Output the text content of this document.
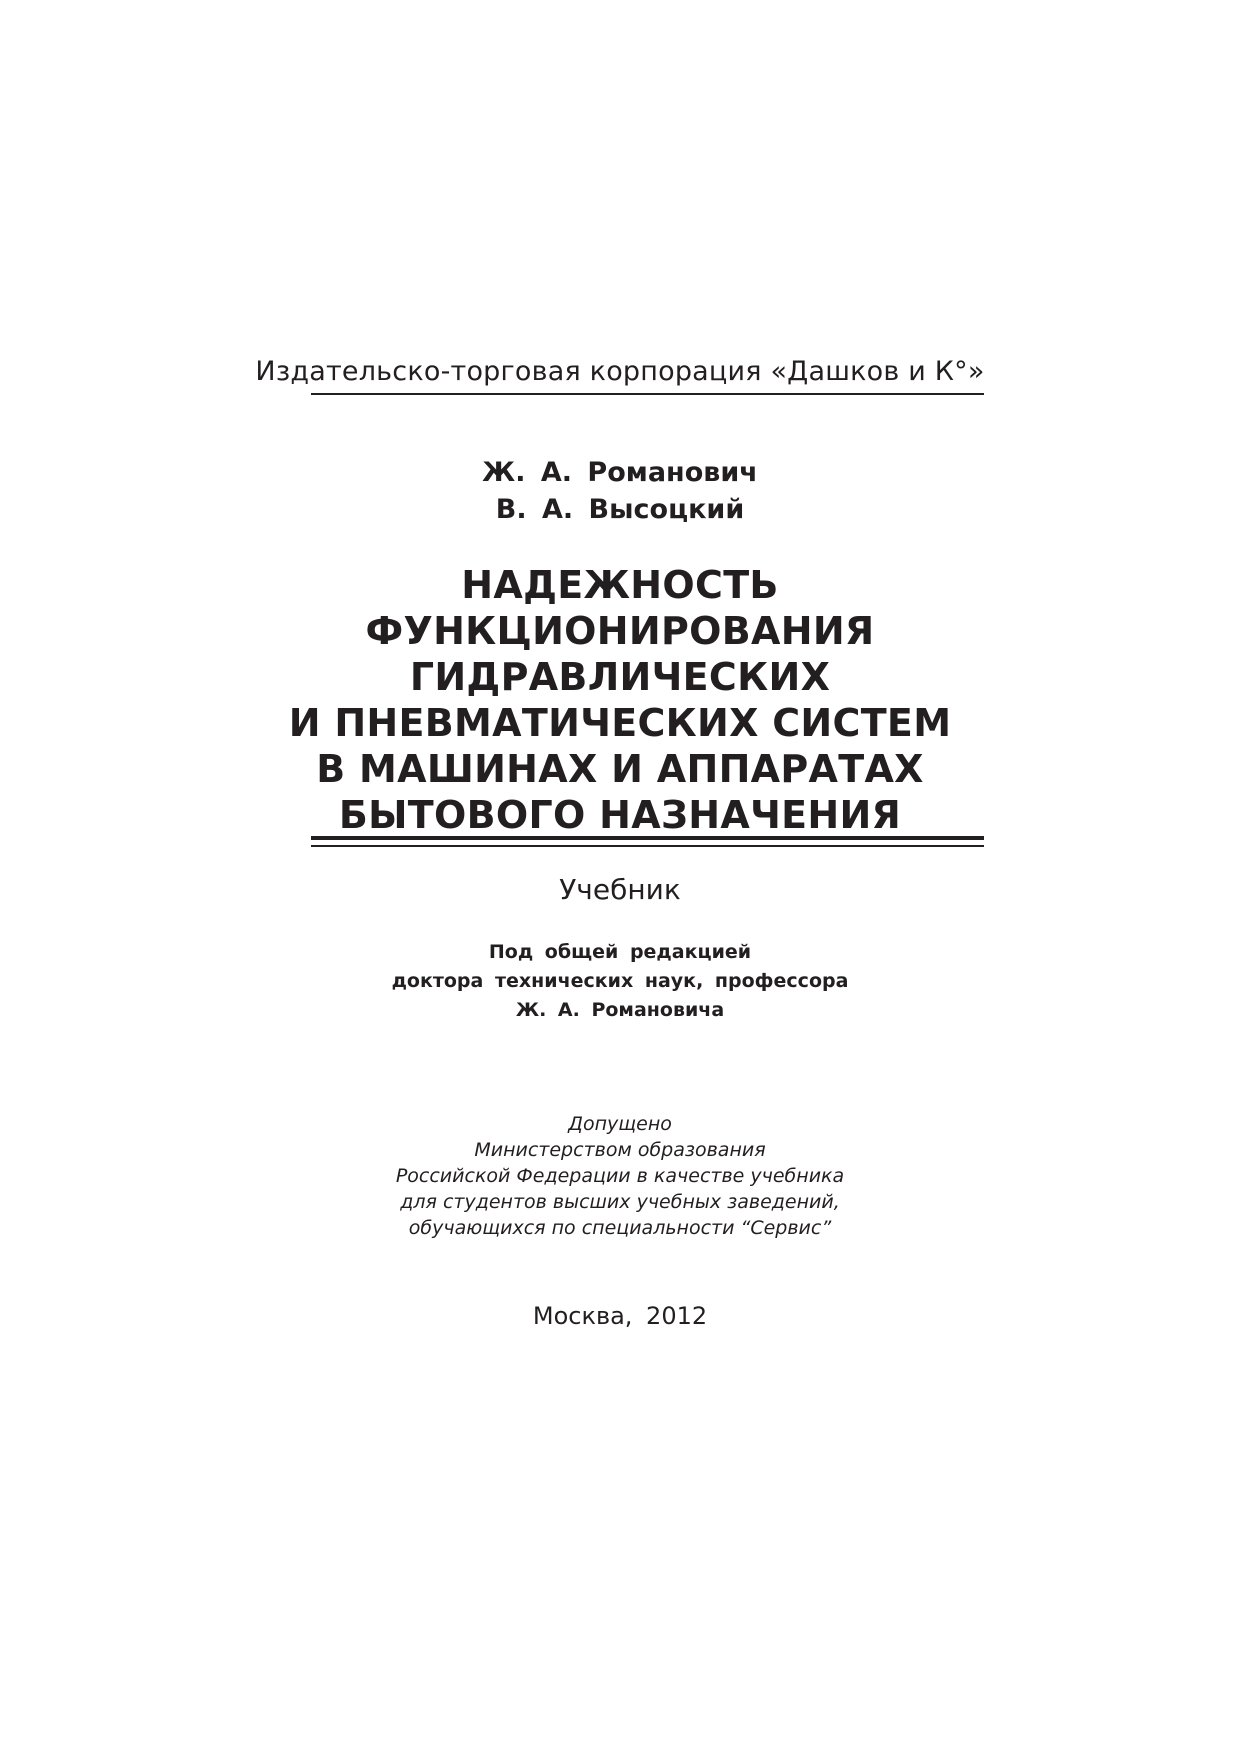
Издательско-торговая корпорация «Дашков и К°»
Ж. А. Романович
В. А. Высоцкий
НАДЕЖНОСТЬ
ФУНКЦИОНИРОВАНИЯ
ГИДРАВЛИЧЕСКИХ
И ПНЕВМАТИЧЕСКИХ СИСТЕМ
В МАШИНАХ И АППАРАТАХ
БЫТОВОГО НАЗНАЧЕНИЯ
Учебник
Под общей редакцией
доктора технических наук, профессора
Ж. А. Романовича
Допущено
Министерством образования
Российской Федерации в качестве учебника
для студентов высших учебных заведений,
обучающихся по специальности “Сервис”
Москва, 2012
